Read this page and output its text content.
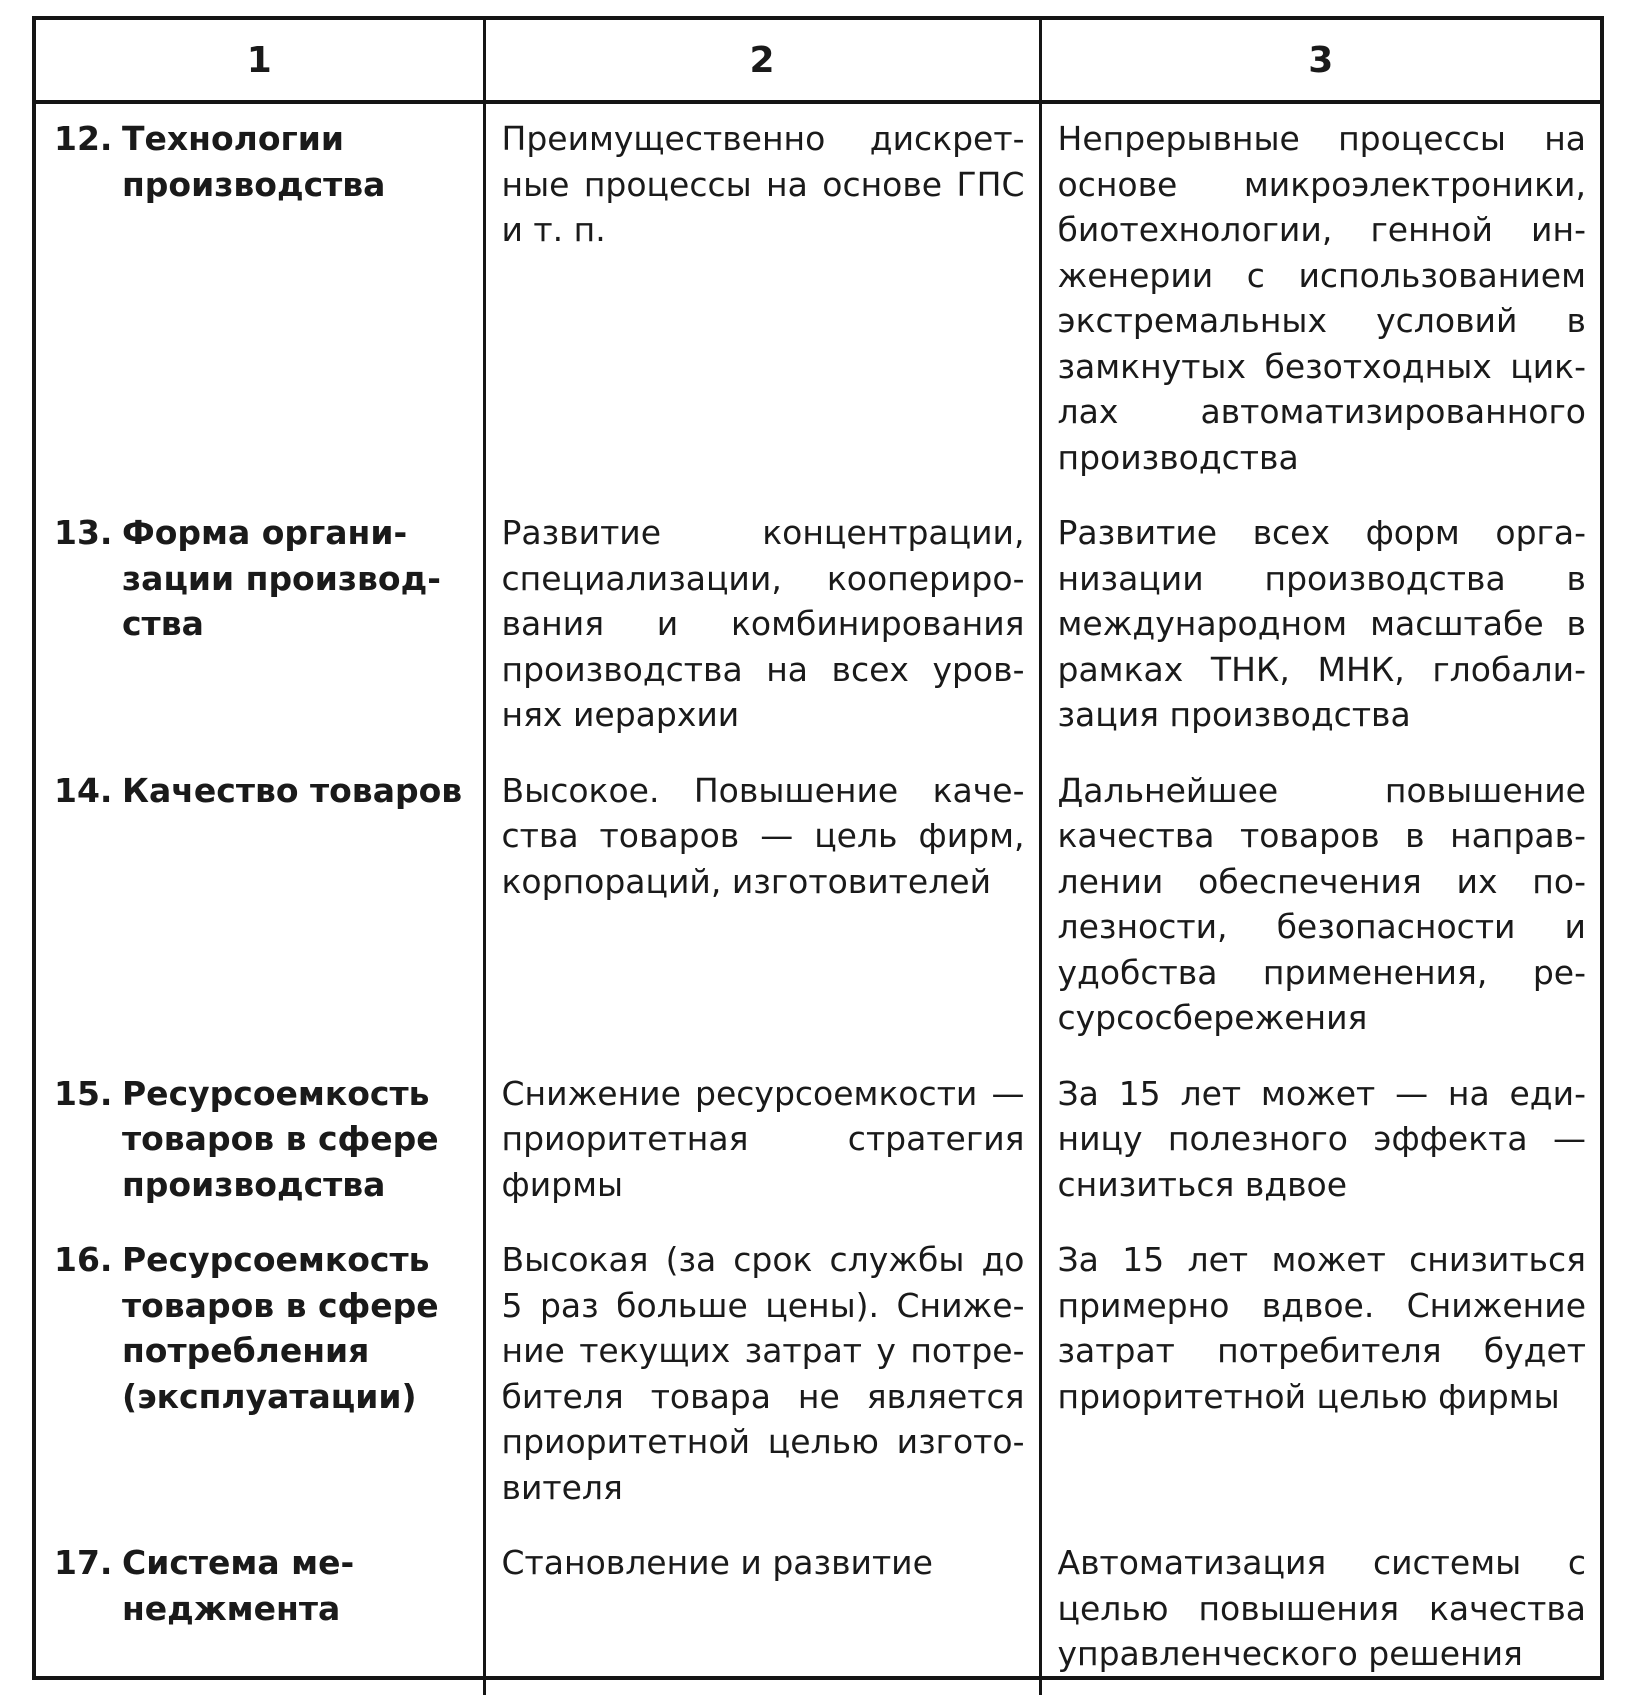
1	2	3

12. Технологии производства	Преимущественно дискретные процессы на основе ГПС и т. п.	Непрерывные процессы на основе микроэлектроники, биотехнологии, генной инженерии с использованием экстремальных условий в замкнутых безотходных циклах автоматизированного производства

13. Форма организации производства	Развитие концентрации, специализации, кооперирования и комбинирования производства на всех уровнях иерархии	Развитие всех форм организации производства в международном масштабе в рамках ТНК, МНК, глобализация производства

14. Качество товаров	Высокое. Повышение качества товаров — цель фирм, корпораций, изготовителей	Дальнейшее повышение качества товаров в направлении обеспечения их полезности, безопасности и удобства применения, ресурсосбережения

15. Ресурсоемкость товаров в сфере производства	Снижение ресурсоемкости — приоритетная стратегия фирмы	За 15 лет может — на единицу полезного эффекта — снизиться вдвое

16. Ресурсоемкость товаров в сфере потребления (эксплуатации)	Высокая (за срок службы до 5 раз больше цены). Снижение текущих затрат у потребителя товара не является приоритетной целью изготовителя	За 15 лет может снизиться примерно вдвое. Снижение затрат потребителя будет приоритетной целью фирмы

17. Система менеджмента	Становление и развитие	Автоматизация системы с целью повышения качества управленческого решения
